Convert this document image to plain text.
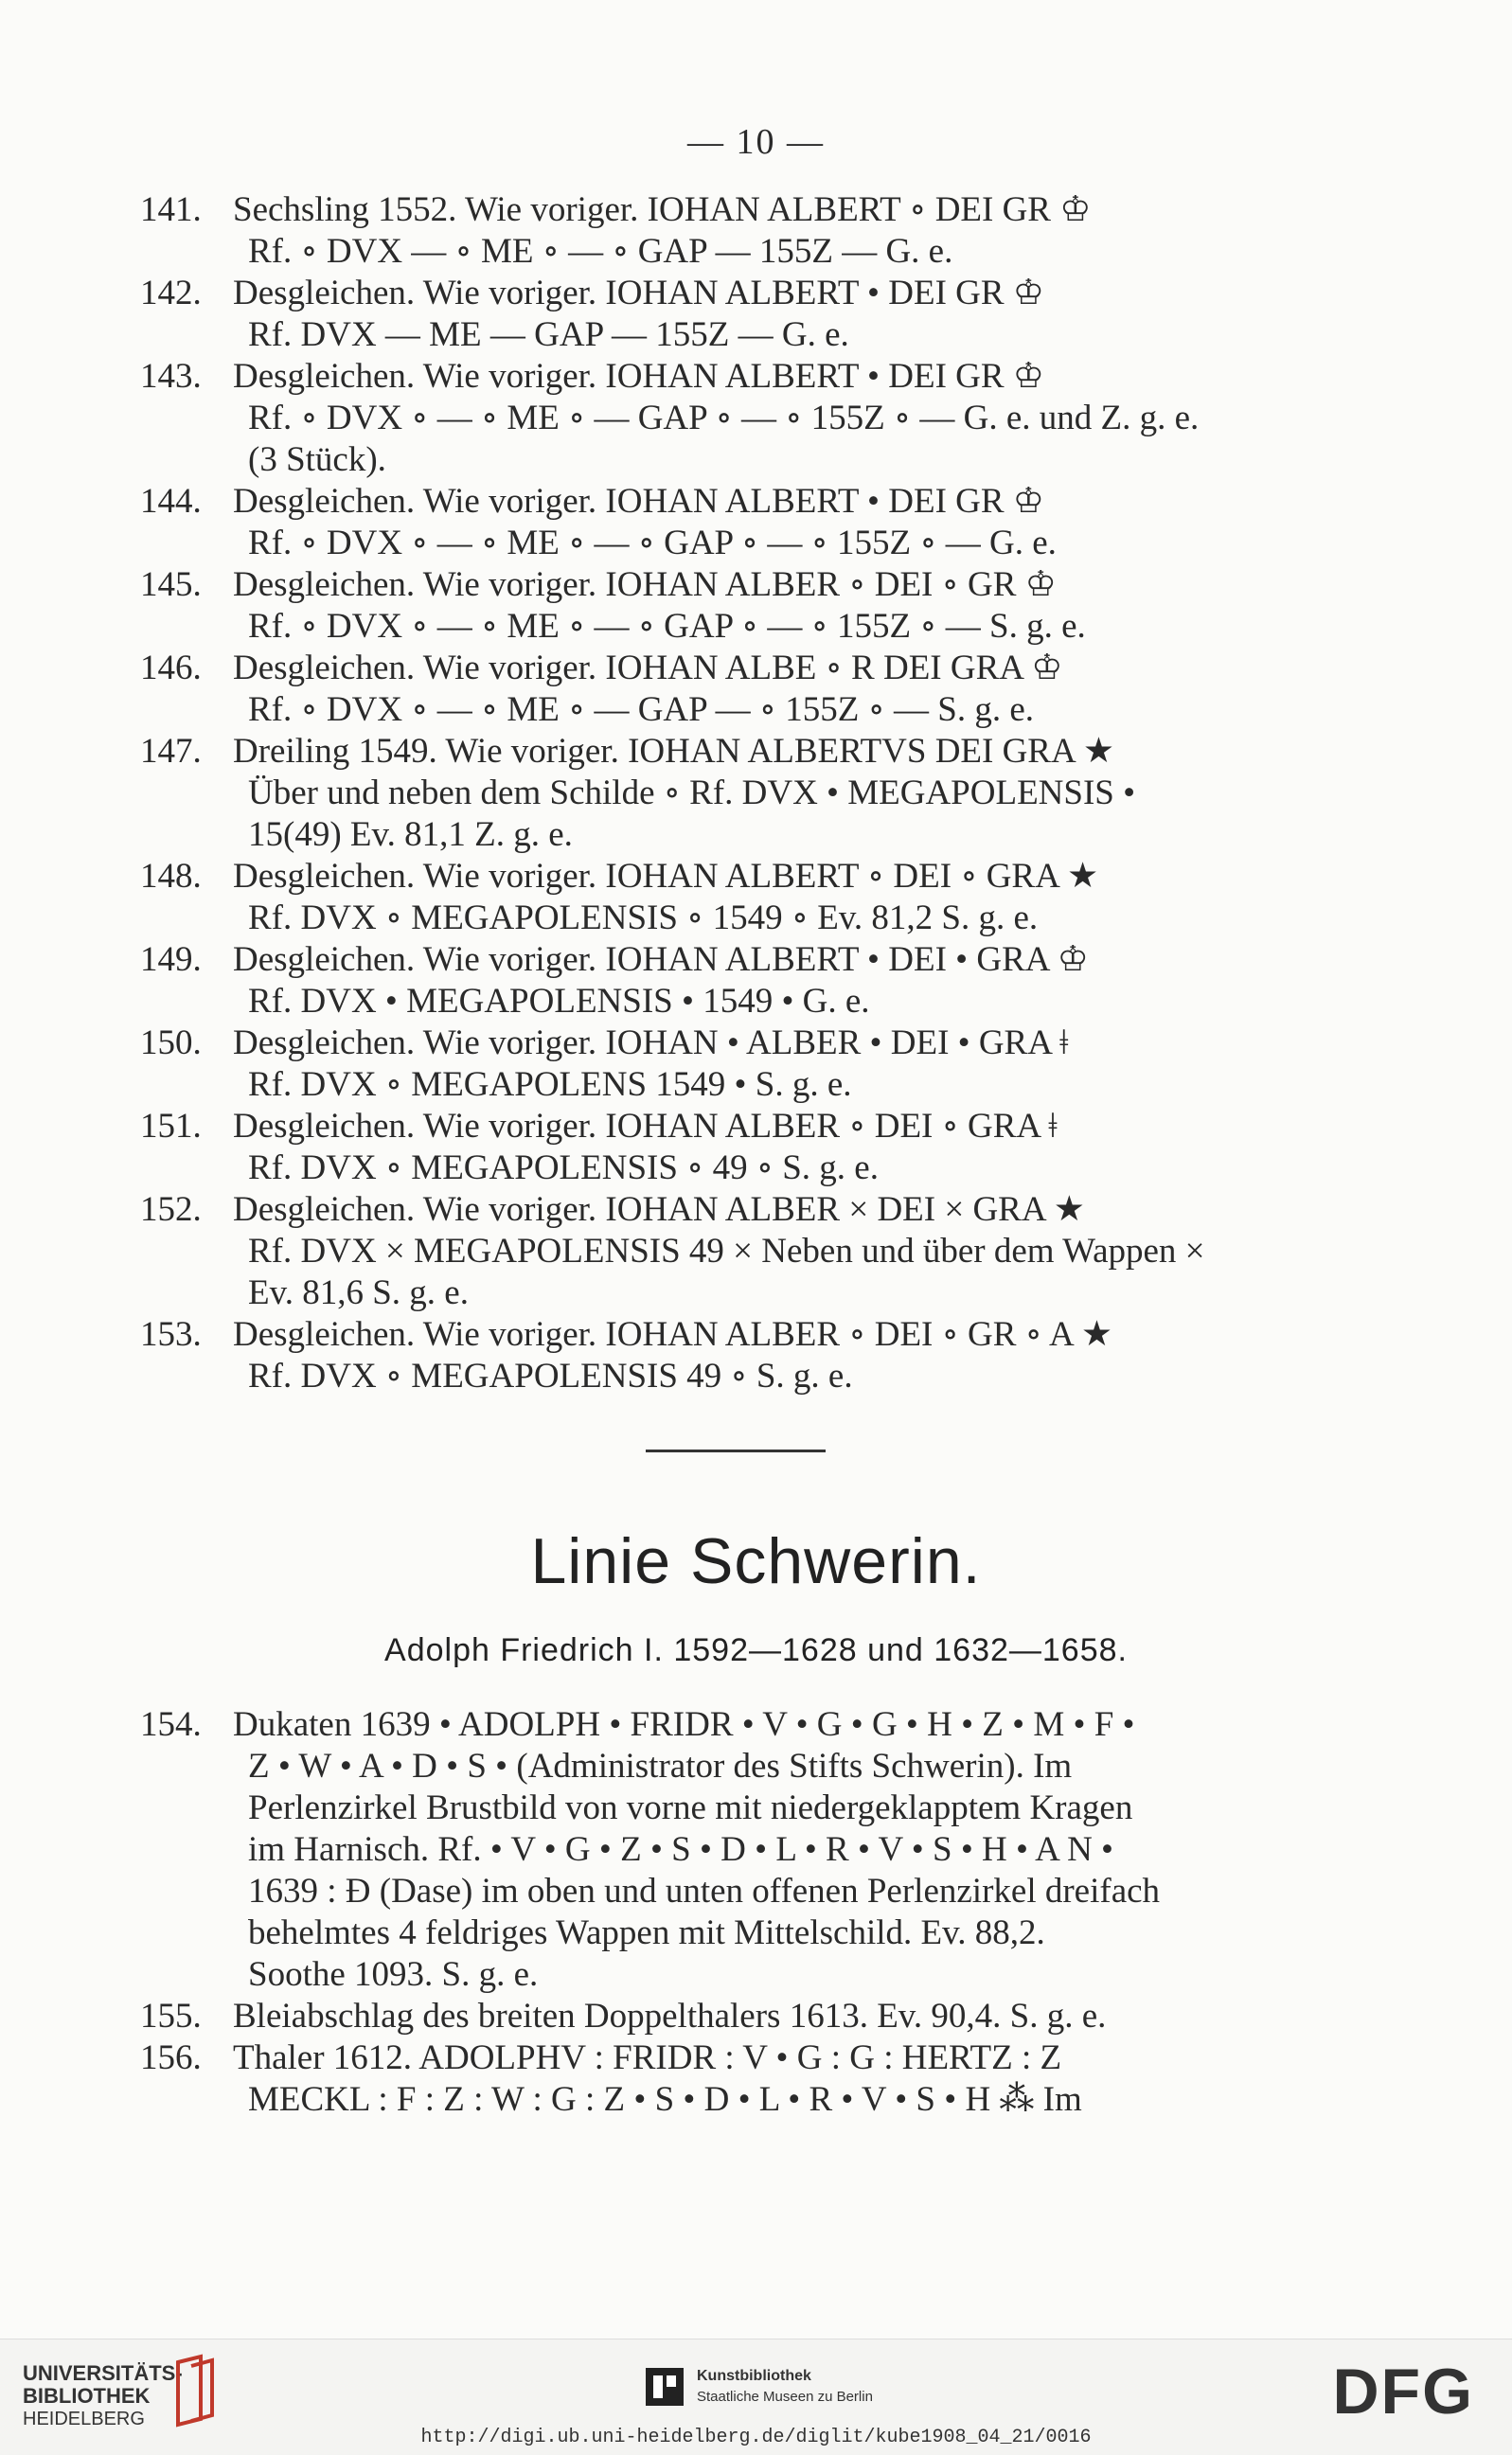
— 10 —
141. Sechsling 1552. Wie voriger. IOHAN ALBERT ∘ DEI GR ♔
Rf. ∘ DVX — ∘ ME ∘ — ∘ GAP — 155Z — G. e.
142. Desgleichen. Wie voriger. IOHAN ALBERT • DEI GR ♔
Rf. DVX — ME — GAP — 155Z — G. e.
143. Desgleichen. Wie voriger. IOHAN ALBERT • DEI GR ♔
Rf. ∘ DVX ∘ — ∘ ME ∘ — GAP ∘ — ∘ 155Z ∘ — G. e. und Z. g. e.
(3 Stück).
144. Desgleichen. Wie voriger. IOHAN ALBERT • DEI GR ♔
Rf. ∘ DVX ∘ — ∘ ME ∘ — ∘ GAP ∘ — ∘ 155Z ∘ — G. e.
145. Desgleichen. Wie voriger. IOHAN ALBER ∘ DEI ∘ GR ♔
Rf. ∘ DVX ∘ — ∘ ME ∘ — ∘ GAP ∘ — ∘ 155Z ∘ — S. g. e.
146. Desgleichen. Wie voriger. IOHAN ALBE ∘ R DEI GRA ♔
Rf. ∘ DVX ∘ — ∘ ME ∘ — GAP — ∘ 155Z ∘ — S. g. e.
147. Dreiling 1549. Wie voriger. IOHAN ALBERTVS DEI GRA ★
Über und neben dem Schilde ∘ Rf. DVX • MEGAPOLENSIS •
15(49) Ev. 81,1 Z. g. e.
148. Desgleichen. Wie voriger. IOHAN ALBERT ∘ DEI ∘ GRA ★
Rf. DVX ∘ MEGAPOLENSIS ∘ 1549 ∘ Ev. 81,2 S. g. e.
149. Desgleichen. Wie voriger. IOHAN ALBERT • DEI • GRA ♔
Rf. DVX • MEGAPOLENSIS • 1549 • G. e.
150. Desgleichen. Wie voriger. IOHAN • ALBER • DEI • GRA ǂ
Rf. DVX ∘ MEGAPOLENS 1549 • S. g. e.
151. Desgleichen. Wie voriger. IOHAN ALBER ∘ DEI ∘ GRA ǂ
Rf. DVX ∘ MEGAPOLENSIS ∘ 49 ∘ S. g. e.
152. Desgleichen. Wie voriger. IOHAN ALBER × DEI × GRA ★
Rf. DVX × MEGAPOLENSIS 49 × Neben und über dem Wappen ×
Ev. 81,6 S. g. e.
153. Desgleichen. Wie voriger. IOHAN ALBER ∘ DEI ∘ GR ∘ A ★
Rf. DVX ∘ MEGAPOLENSIS 49 ∘ S. g. e.
Linie Schwerin.
Adolph Friedrich I. 1592—1628 und 1632—1658.
154. Dukaten 1639 • ADOLPH • FRIDR • V • G • G • H • Z • M • F •
Z • W • A • D • S • (Administrator des Stifts Schwerin). Im
Perlenzirkel Brustbild von vorne mit niedergeklapptem Kragen
im Harnisch. Rf. • V • G • Z • S • D • L • R • V • S • H • A N •
1639 : Ð (Dase) im oben und unten offenen Perlenzirkel dreifach
behelmtes 4 feldriges Wappen mit Mittelschild. Ev. 88,2.
Soothe 1093. S. g. e.
155. Bleiabschlag des breiten Doppelthalers 1613. Ev. 90,4. S. g. e.
156. Thaler 1612. ADOLPHV : FRIDR : V • G : G : HERTZ : Z
MECKL : F : Z : W : G : Z • S • D • L • R • V • S • H ⁂ Im
UNIVERSITÄTS-
BIBLIOTHEK
HEIDELBERG
Kunstbibliothek
Staatliche Museen zu Berlin	DFG
http://digi.ub.uni-heidelberg.de/diglit/kube1908_04_21/0016
